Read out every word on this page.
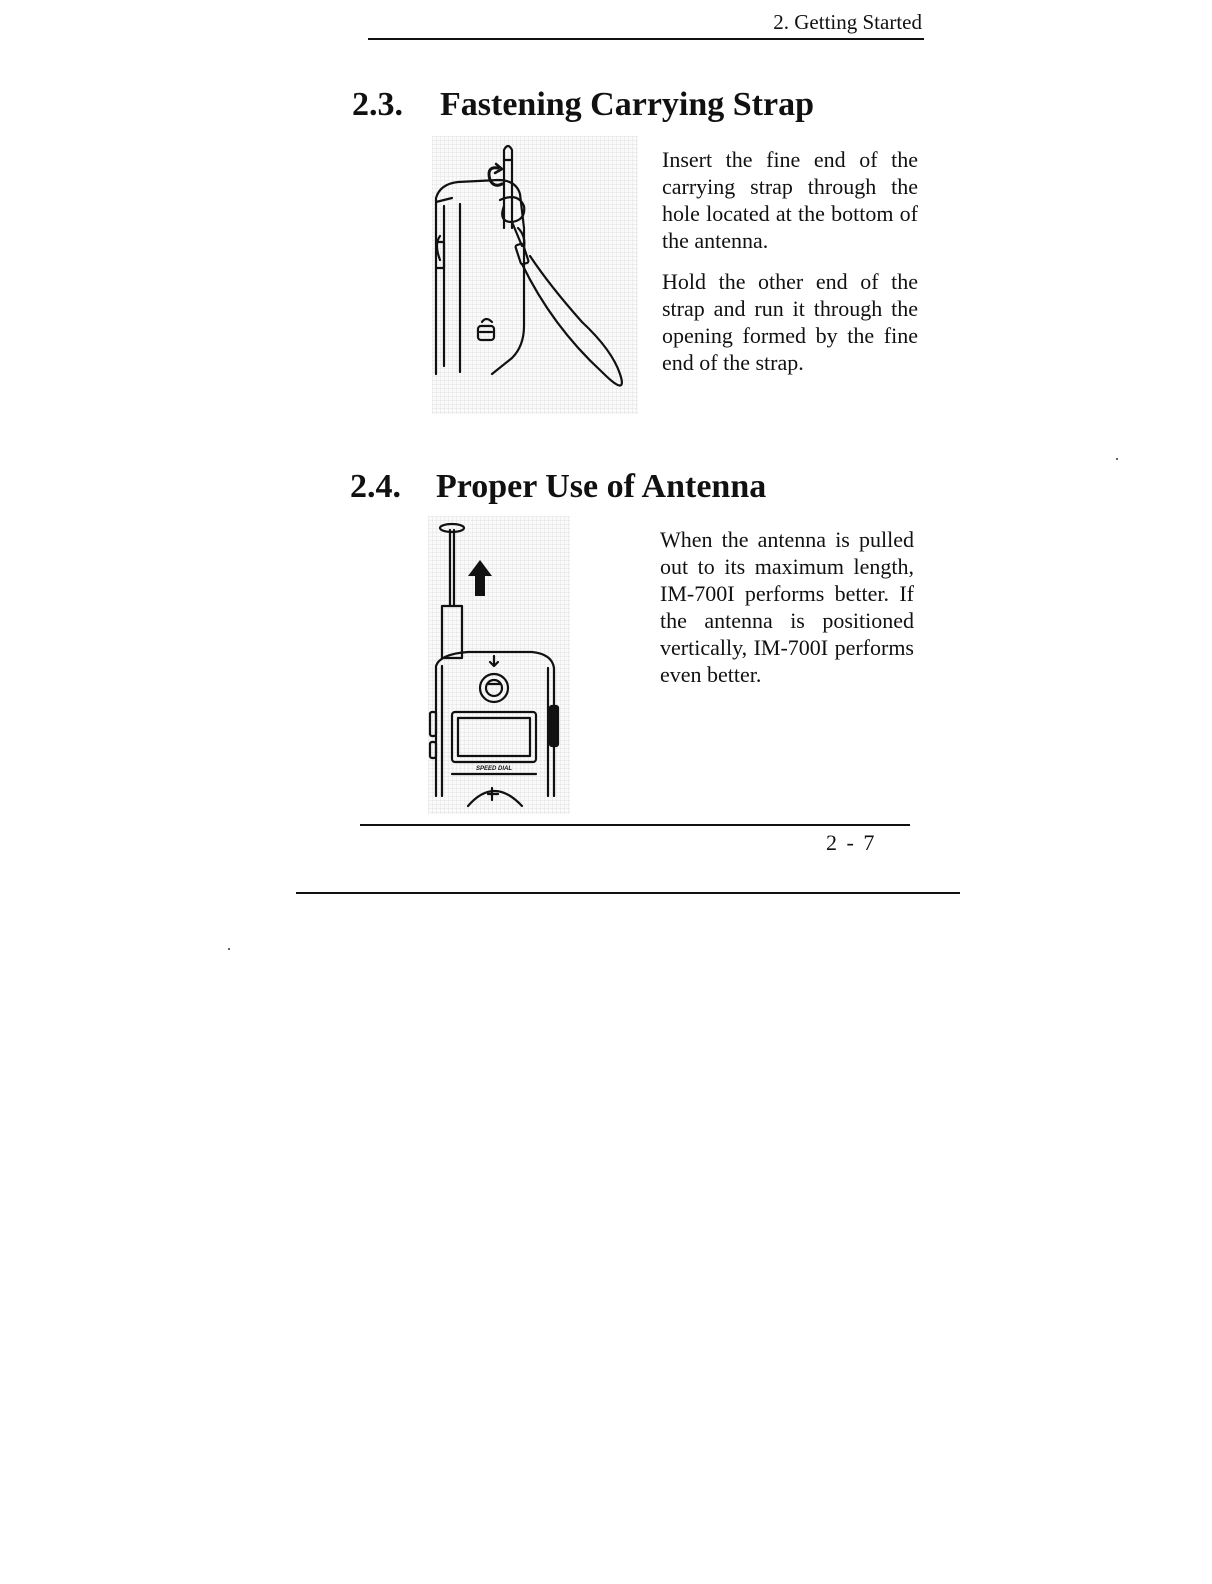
2. Getting Started
2.3. Fastening Carrying Strap

Insert the fine end of the carrying strap through the hole located at the bottom of the antenna.

Hold the other end of the strap and run it through the opening formed by the fine end of the strap.

2.4. Proper Use of Antenna
SPEED DIAL

When the antenna is pulled out to its maximum length, IM-700I performs better. If the antenna is positioned vertically, IM-700I performs even better.

2 - 7
